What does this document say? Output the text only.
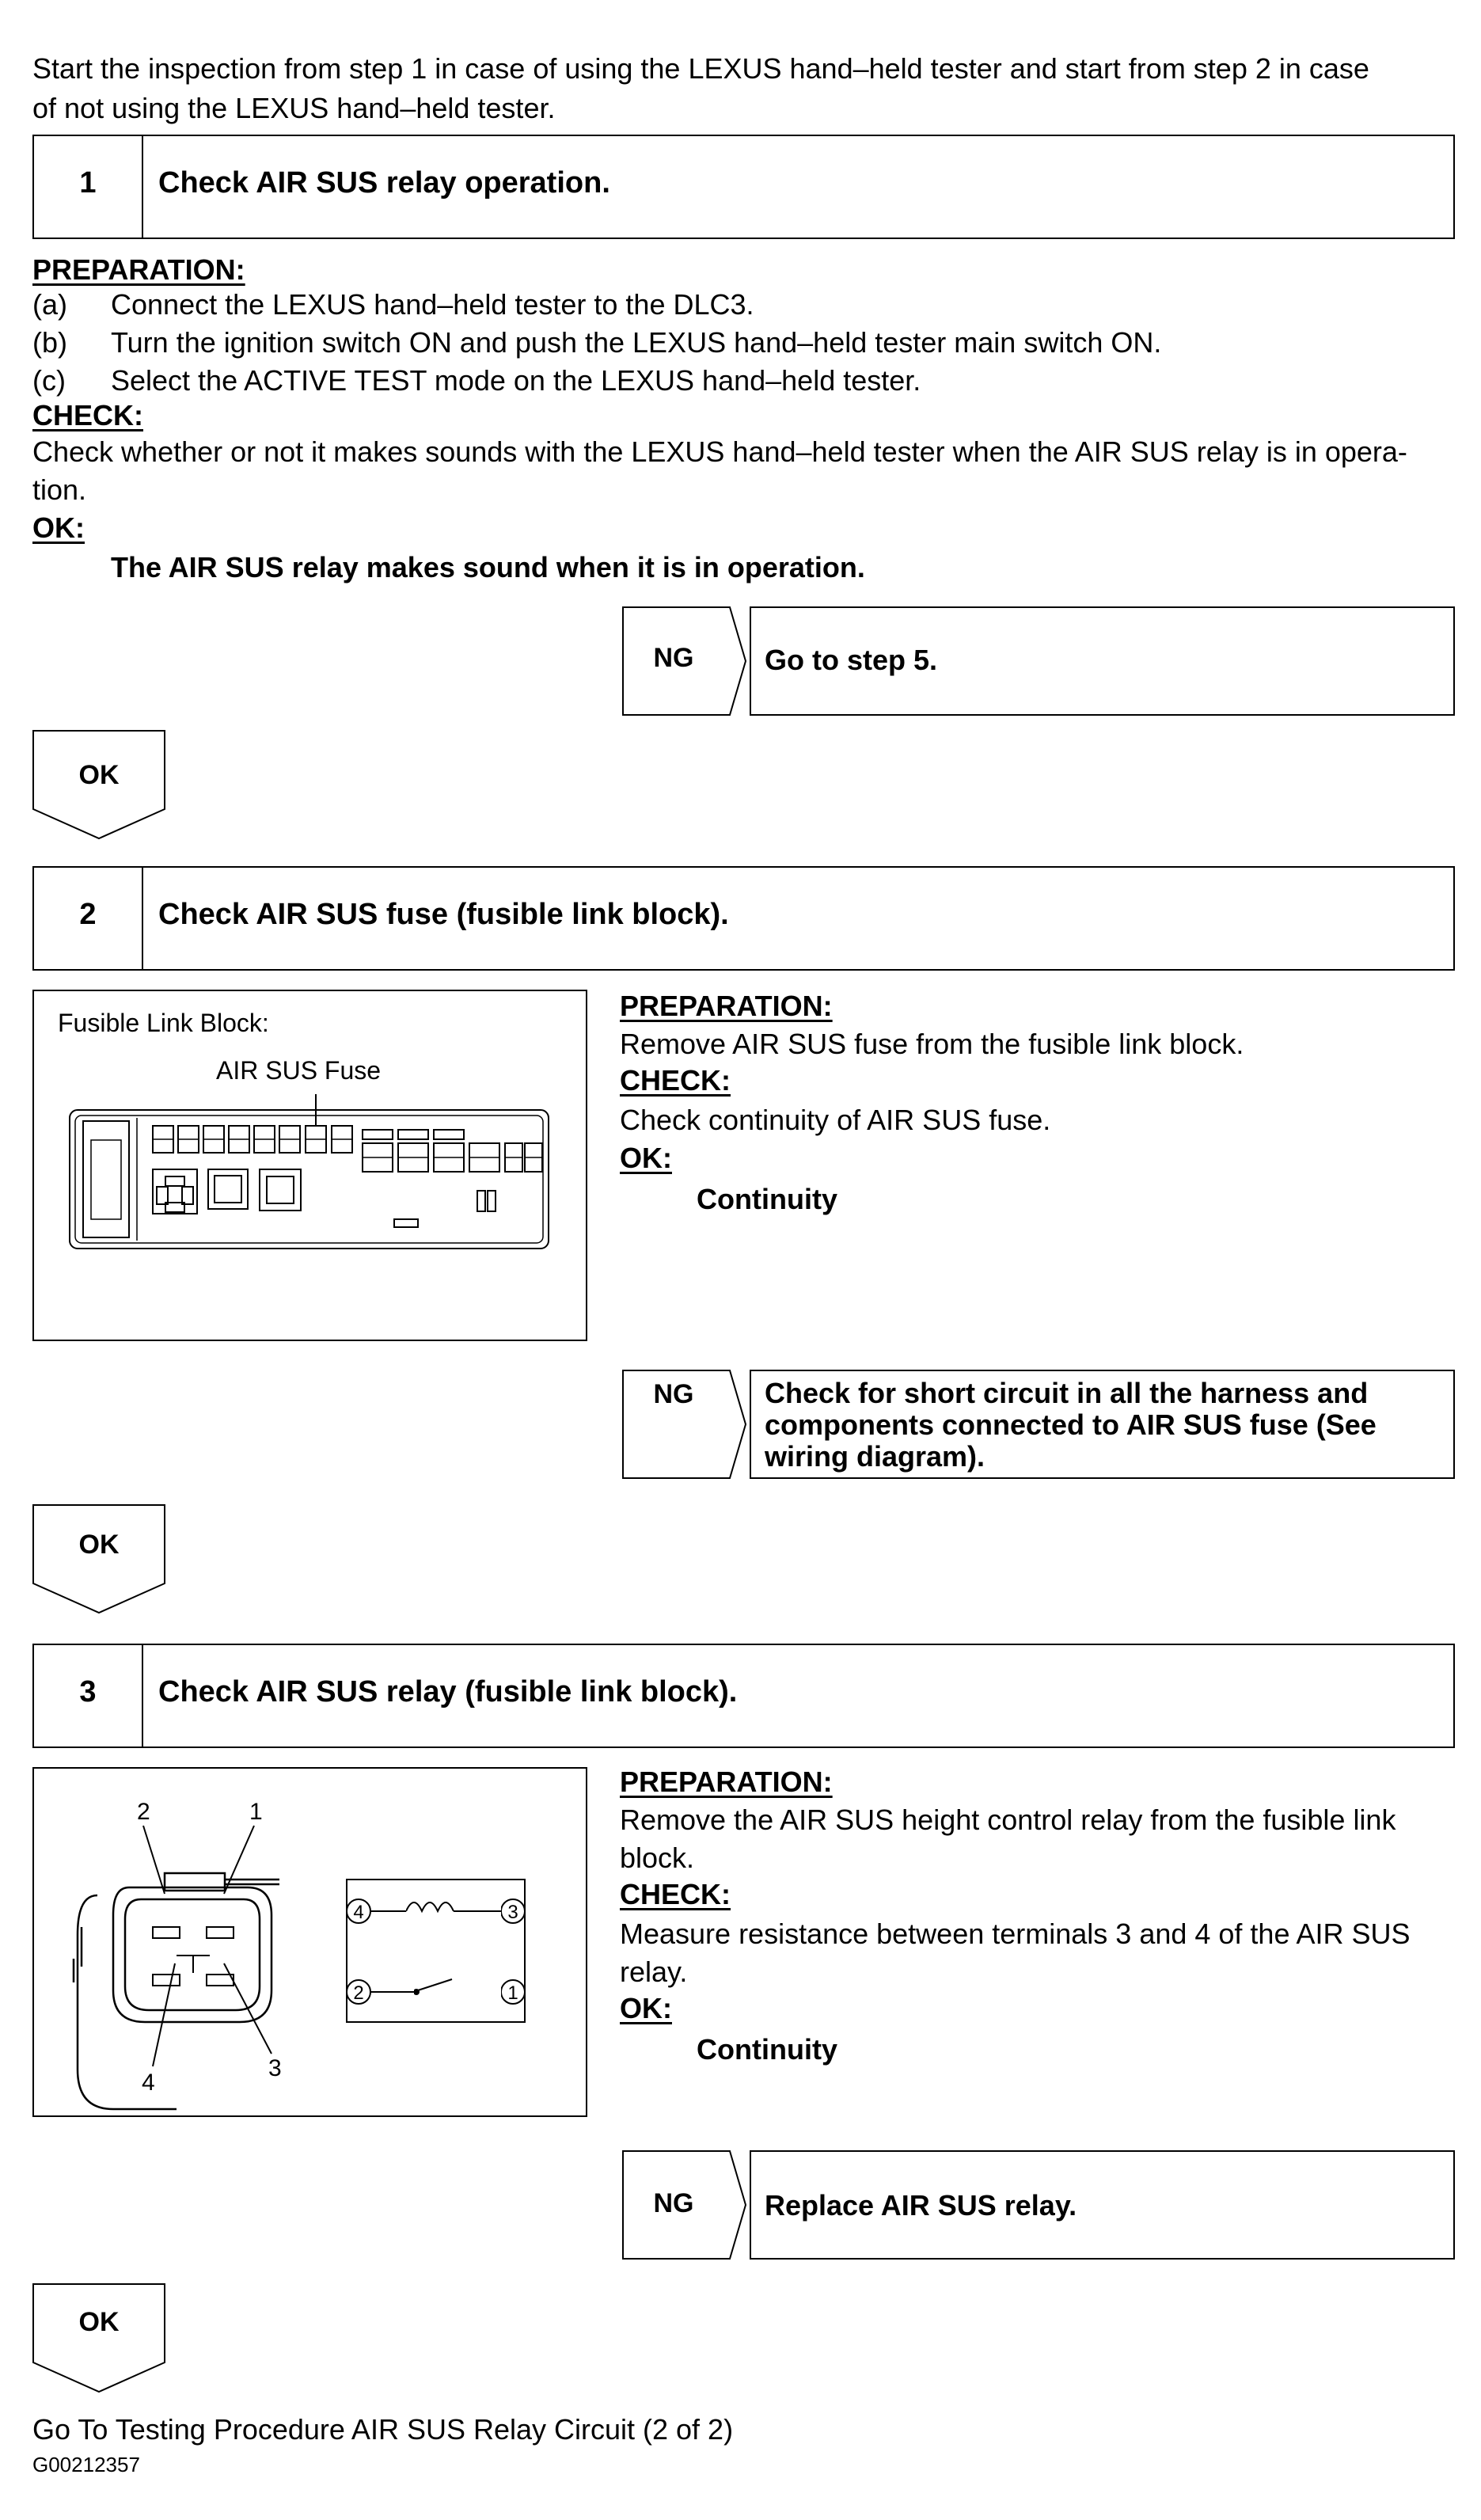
Start the inspection from step 1 in case of using the LEXUS hand–held tester and start from step 2 in case
of not using the LEXUS hand–held tester.
1	Check AIR SUS relay operation.
PREPARATION:
(a) Connect the LEXUS hand–held tester to the DLC3.
(b) Turn the ignition switch ON and push the LEXUS hand–held tester main switch ON.
(c) Select the ACTIVE TEST mode on the LEXUS hand–held tester.
CHECK:
Check whether or not it makes sounds with the LEXUS hand–held tester when the AIR SUS relay is in opera-
tion.
OK:
The AIR SUS relay makes sound when it is in operation.
NG	Go to step 5.
OK
2	Check AIR SUS fuse (fusible link block).
Fusible Link Block:
AIR SUS Fuse
PREPARATION:
Remove AIR SUS fuse from the fusible link block.
CHECK:
Check continuity of AIR SUS fuse.
OK:
Continuity
NG	Check for short circuit in all the harness and
components connected to AIR SUS fuse (See
wiring diagram).
OK
3	Check AIR SUS relay (fusible link block).
2	1
4
3
4	3
2	1
PREPARATION:
Remove the AIR SUS height control relay from the fusible link
block.
CHECK:
Measure resistance between terminals 3 and 4 of the AIR SUS
relay.
OK:
Continuity
NG	Replace AIR SUS relay.
OK
Go To Testing Procedure AIR SUS Relay Circuit (2 of 2)
G00212357
